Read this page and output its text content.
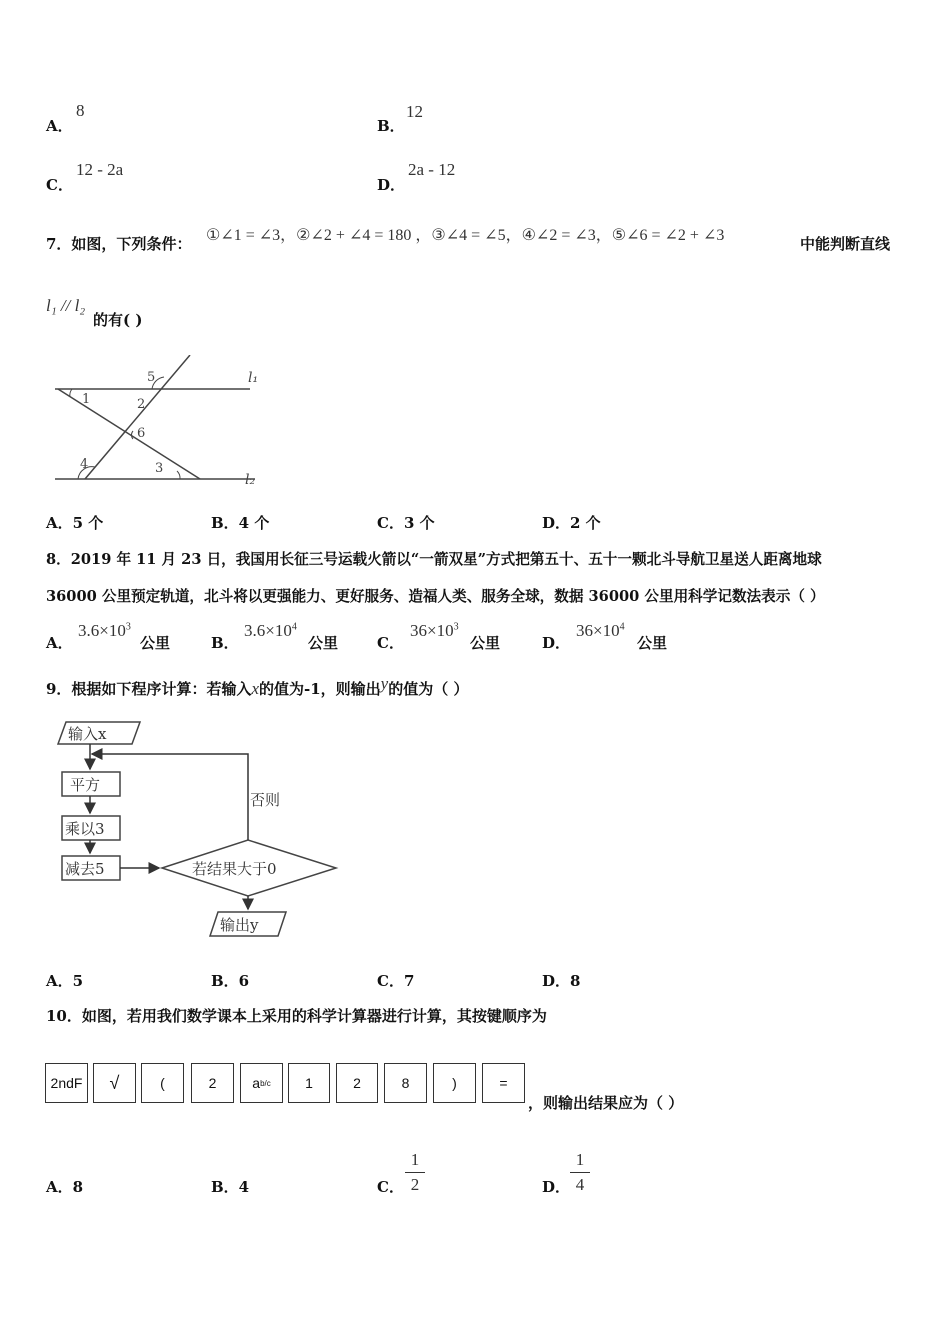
A．
8
B．
12
C．
12 - 2a
D．
2a - 12
7．如图，下列条件： ①∠1 = ∠3，②∠2 + ∠4 = 180 ，③∠4 = ∠5，④∠2 = ∠3，⑤∠6 = ∠2 + ∠3	中能判断直线
l₁ // l₂
的有( )
l₁
l₂
1	2
3
4
5
6
A．5 个	B．4 个	C．3 个	D．2 个
8．2019 年 11 月 23 日，我国用长征三号运载火箭以“一箭双星”方式把第五十、五十一颗北斗导航卫星送人距离地球
36000 公里预定轨道，北斗将以更强能力、更好服务、造福人类、服务全球，数据 36000 公里用科学记数法表示（ ）
A．
$3.6\times 10^3$
公里	B．
$3.6\times 10^4$
公里	C．
$36\times 10^3$
公里	D．
$36\times 10^4$
公里
9．根据如下程序计算：若输入x的值为-1，则输出y的值为（ ）
输入x
平方
乘以3
减去5	若结果大于0
否则
输出y
A．5	B．6	C．7	D．8
10．如图，若用我们数学课本上采用的科学计算器进行计算，其按键顺序为
2ndF	√	(	2	a b/c	1	2	8	)	=
，则输出结果应为（ ）
A．8	B．4	C．
1
2	D．
1
4
